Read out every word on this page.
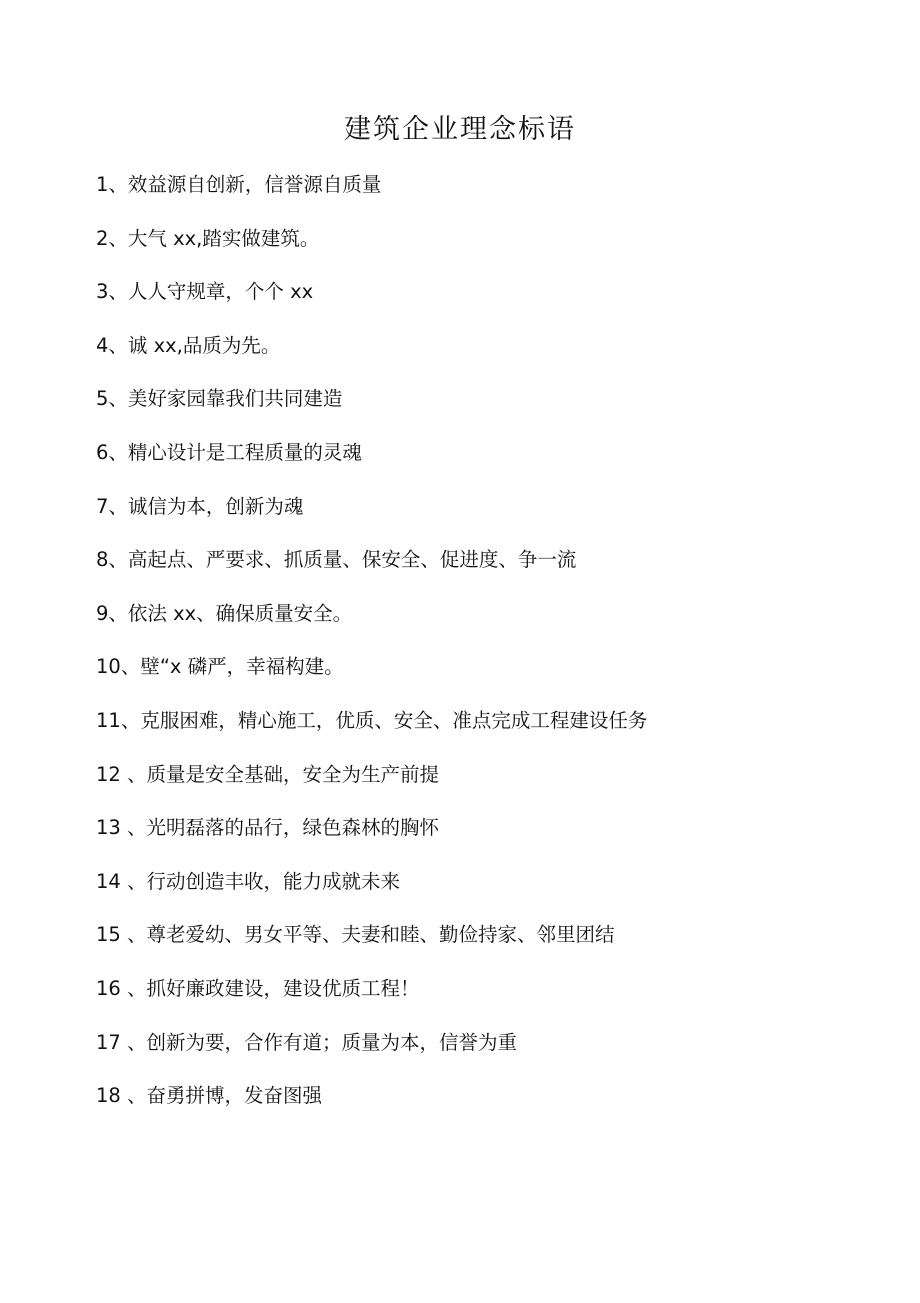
建筑企业理念标语
1、效益源自创新，信誉源自质量
2、大气 xx,踏实做建筑。
3、人人守规章，个个 xx
4、诚 xx,品质为先。
5、美好家园靠我们共同建造
6、精心设计是工程质量的灵魂
7、诚信为本，创新为魂
8、高起点、严要求、抓质量、保安全、促进度、争一流
9、依法 xx、确保质量安全。
10、壁“x 磷严，幸福构建。
11、克服困难，精心施工，优质、安全、准点完成工程建设任务
12 、质量是安全基础，安全为生产前提
13 、光明磊落的品行，绿色森林的胸怀
14 、行动创造丰收，能力成就未来
15 、尊老爱幼、男女平等、夫妻和睦、勤俭持家、邻里团结
16 、抓好廉政建设，建设优质工程！
17 、创新为要，合作有道；质量为本，信誉为重
18 、奋勇拼博，发奋图强
